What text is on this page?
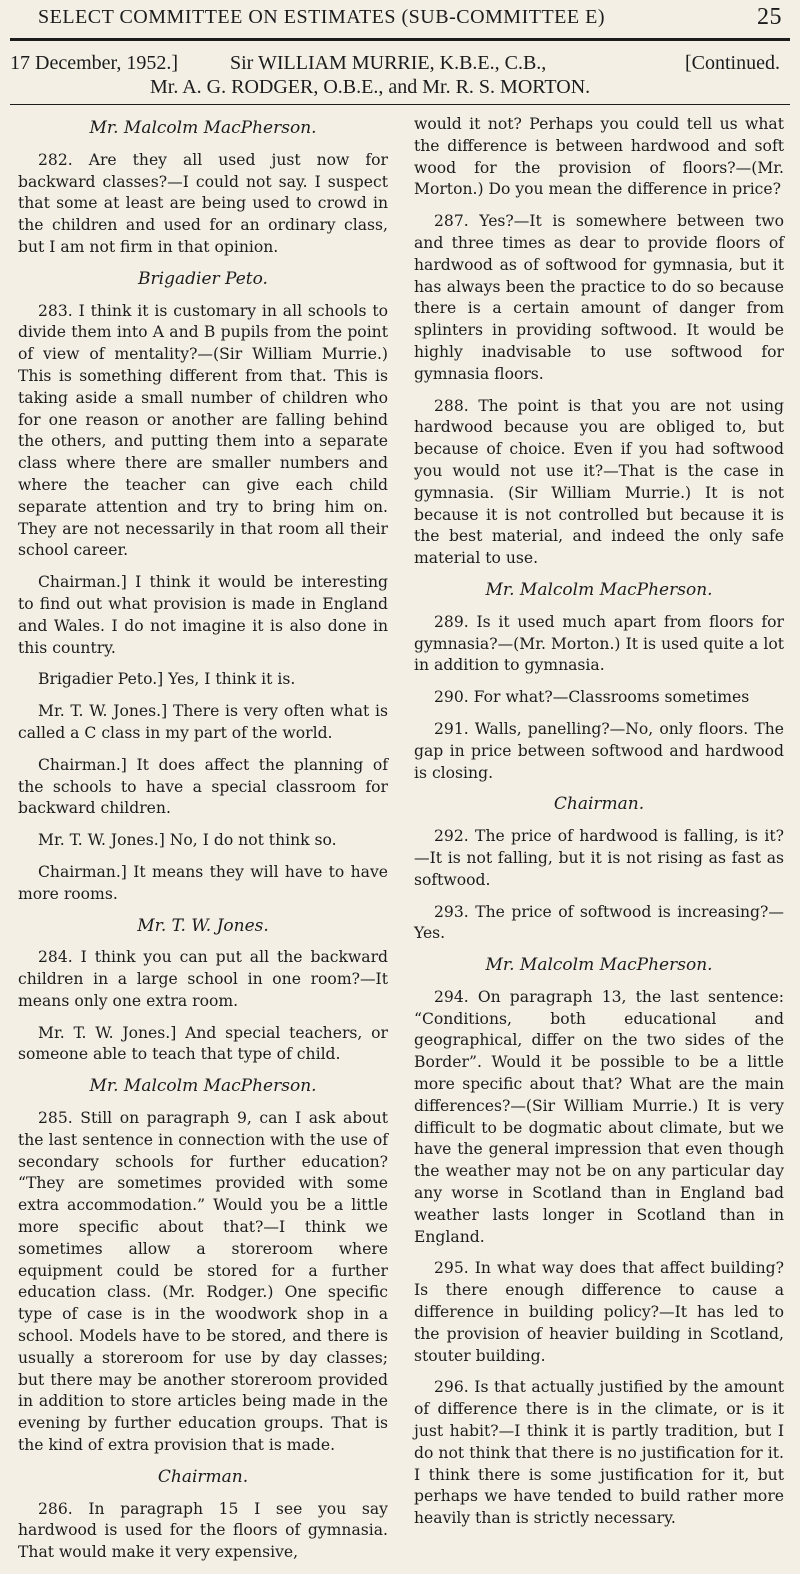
SELECT COMMITTEE ON ESTIMATES (SUB-COMMITTEE E)	25
17 December, 1952.]	Sir WILLIAM MURRIE, K.B.E., C.B.,	[Continued.
Mr. A. G. RODGER, O.B.E., and Mr. R. S. MORTON.
Mr. Malcolm MacPherson.

282. Are they all used just now for backward classes?—I could not say. I suspect that some at least are being used to crowd in the children and used for an ordinary class, but I am not firm in that opinion.

Brigadier Peto.

283. I think it is customary in all schools to divide them into A and B pupils from the point of view of mentality?—(Sir William Murrie.) This is something different from that. This is taking aside a small number of children who for one reason or another are falling behind the others, and putting them into a separate class where there are smaller numbers and where the teacher can give each child separate attention and try to bring him on. They are not necessarily in that room all their school career.

Chairman.] I think it would be interesting to find out what provision is made in England and Wales. I do not imagine it is also done in this country.

Brigadier Peto.] Yes, I think it is.

Mr. T. W. Jones.] There is very often what is called a C class in my part of the world.

Chairman.] It does affect the planning of the schools to have a special classroom for backward children.

Mr. T. W. Jones.] No, I do not think so.

Chairman.] It means they will have to have more rooms.

Mr. T. W. Jones.

284. I think you can put all the backward children in a large school in one room?—It means only one extra room.

Mr. T. W. Jones.] And special teachers, or someone able to teach that type of child.

Mr. Malcolm MacPherson.

285. Still on paragraph 9, can I ask about the last sentence in connection with the use of secondary schools for further education? “They are sometimes provided with some extra accommodation.” Would you be a little more specific about that?—I think we sometimes allow a storeroom where equipment could be stored for a further education class. (Mr. Rodger.) One specific type of case is in the woodwork shop in a school. Models have to be stored, and there is usually a storeroom for use by day classes; but there may be another storeroom provided in addition to store articles being made in the evening by further education groups. That is the kind of extra provision that is made.

Chairman.

286. In paragraph 15 I see you say hardwood is used for the floors of gymnasia. That would make it very expensive,

would it not? Perhaps you could tell us what the difference is between hardwood and soft wood for the provision of floors?—(Mr. Morton.) Do you mean the difference in price?

287. Yes?—It is somewhere between two and three times as dear to provide floors of hardwood as of softwood for gymnasia, but it has always been the practice to do so because there is a certain amount of danger from splinters in providing softwood. It would be highly inadvisable to use softwood for gymnasia floors.

288. The point is that you are not using hardwood because you are obliged to, but because of choice. Even if you had softwood you would not use it?—That is the case in gymnasia. (Sir William Murrie.) It is not because it is not controlled but because it is the best material, and indeed the only safe material to use.

Mr. Malcolm MacPherson.

289. Is it used much apart from floors for gymnasia?—(Mr. Morton.) It is used quite a lot in addition to gymnasia.

290. For what?—Classrooms sometimes

291. Walls, panelling?—No, only floors. The gap in price between softwood and hardwood is closing.

Chairman.

292. The price of hardwood is falling, is it?—It is not falling, but it is not rising as fast as softwood.

293. The price of softwood is increasing?—Yes.

Mr. Malcolm MacPherson.

294. On paragraph 13, the last sentence: “Conditions, both educational and geographical, differ on the two sides of the Border”. Would it be possible to be a little more specific about that? What are the main differences?—(Sir William Murrie.) It is very difficult to be dogmatic about climate, but we have the general impression that even though the weather may not be on any particular day any worse in Scotland than in England bad weather lasts longer in Scotland than in England.

295. In what way does that affect building? Is there enough difference to cause a difference in building policy?—It has led to the provision of heavier building in Scotland, stouter building.

296. Is that actually justified by the amount of difference there is in the climate, or is it just habit?—I think it is partly tradition, but I do not think that there is no justification for it. I think there is some justification for it, but perhaps we have tended to build rather more heavily than is strictly necessary.
